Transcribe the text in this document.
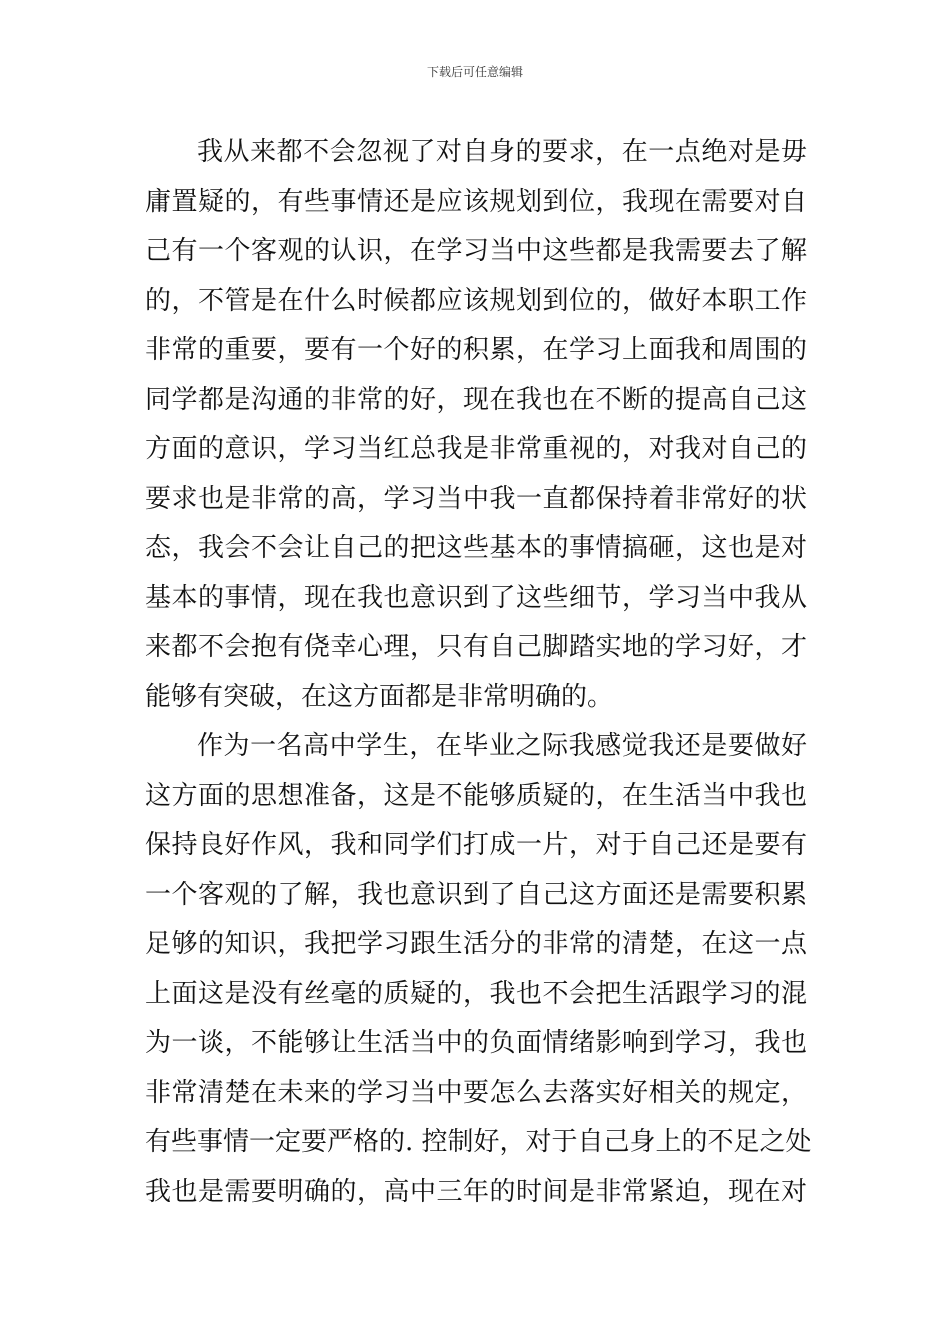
下载后可任意编辑
我从来都不会忽视了对自身的要求，在一点绝对是毋
庸置疑的，有些事情还是应该规划到位，我现在需要对自
己有一个客观的认识，在学习当中这些都是我需要去了解
的，不管是在什么时候都应该规划到位的，做好本职工作
非常的重要，要有一个好的积累，在学习上面我和周围的
同学都是沟通的非常的好，现在我也在不断的提高自己这
方面的意识，学习当红总我是非常重视的，对我对自己的
要求也是非常的高，学习当中我一直都保持着非常好的状
态，我会不会让自己的把这些基本的事情搞砸，这也是对
基本的事情，现在我也意识到了这些细节，学习当中我从
来都不会抱有侥幸心理，只有自己脚踏实地的学习好，才
能够有突破，在这方面都是非常明确的。
作为一名高中学生，在毕业之际我感觉我还是要做好
这方面的思想准备，这是不能够质疑的，在生活当中我也
保持良好作风，我和同学们打成一片，对于自己还是要有
一个客观的了解，我也意识到了自己这方面还是需要积累
足够的知识，我把学习跟生活分的非常的清楚，在这一点
上面这是没有丝毫的质疑的，我也不会把生活跟学习的混
为一谈，不能够让生活当中的负面情绪影响到学习，我也
非常清楚在未来的学习当中要怎么去落实好相关的规定，
有些事情一定要严格的. 控制好，对于自己身上的不足之处
我也是需要明确的，高中三年的时间是非常紧迫，现在对
